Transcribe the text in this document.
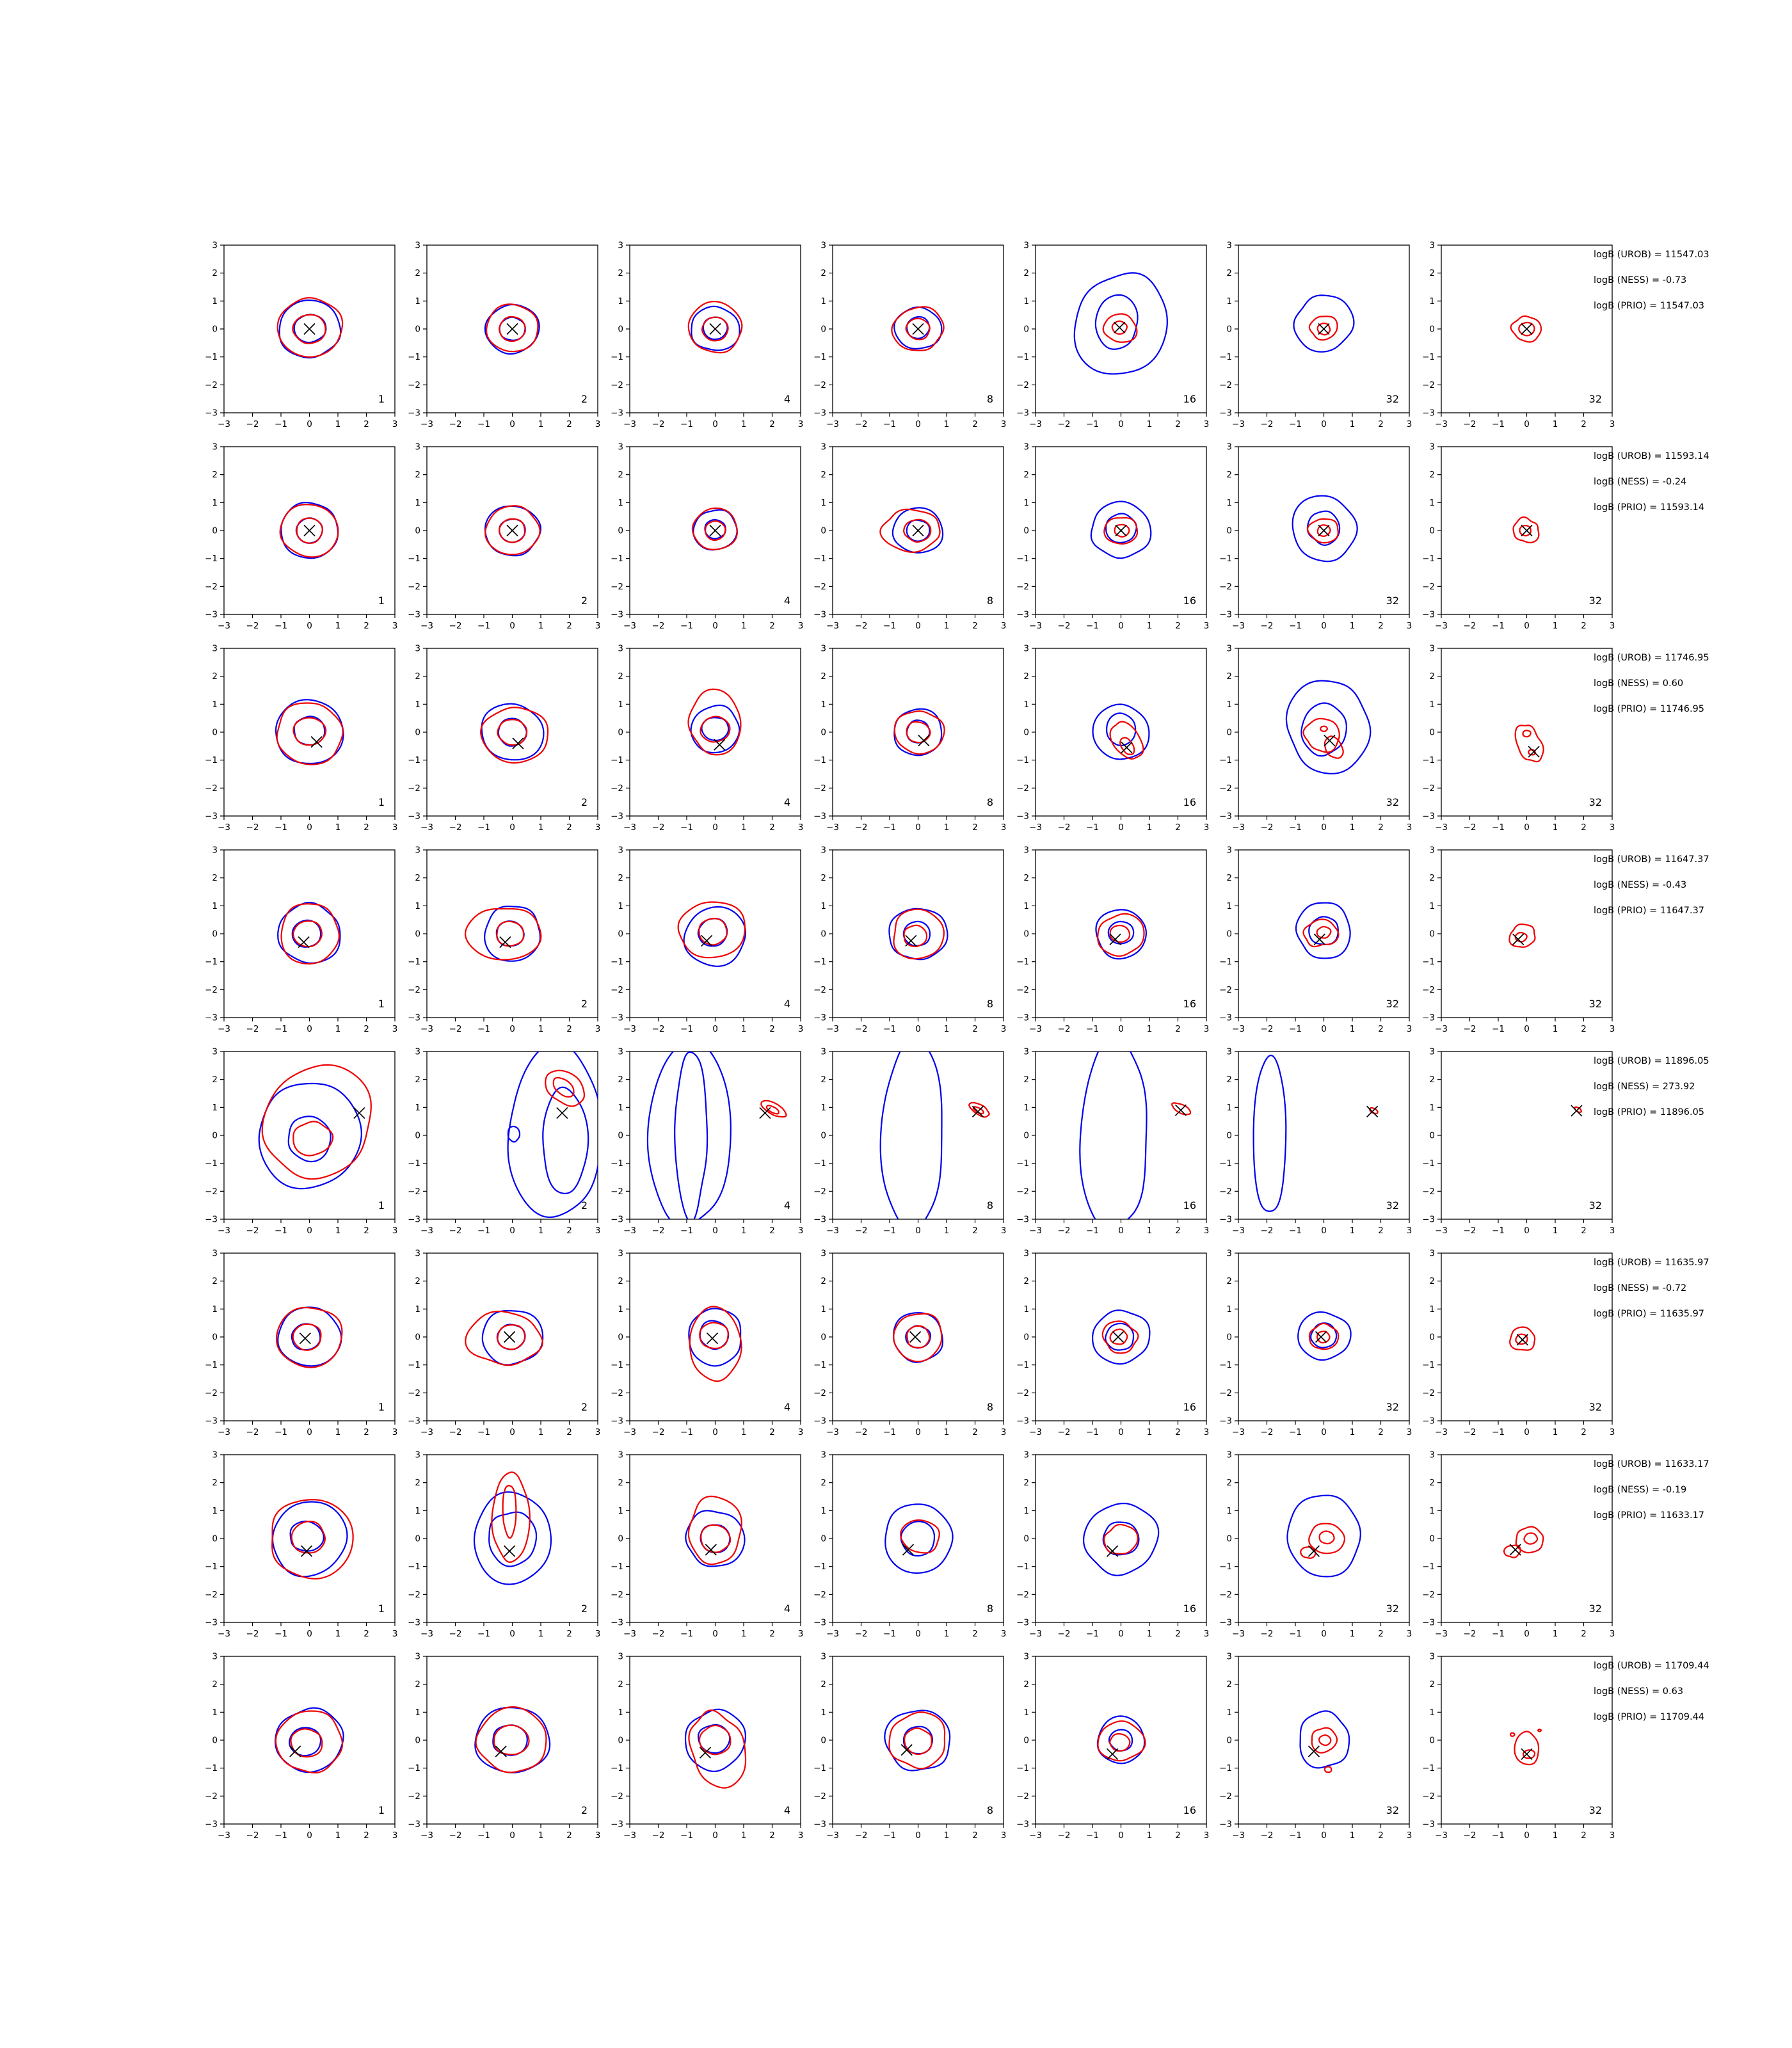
−3 −2 −1 0	1	2	3
−3
−2
−1
0
1
2
3
1
−3 −2 −1 0	1	2	3
−3
−2
−1
0
1
2
3
2
−3 −2 −1 0	1	2	3
−3
−2
−1
0
1
2
3
4
−3 −2 −1 0	1	2	3
−3
−2
−1
0
1
2
3
8
−3 −2 −1 0	1	2	3
−3
−2
−1
0
1
2
3
16
−3 −2 −1 0	1	2	3
−3
−2
−1
0
1
2
3
32
−3 −2 −1 0	1	2	3
−3
−2
−1
0
1
2
3
32
−3 −2 −1 0	1	2	3
−3
−2
−1
0
1
2
3
1
−3 −2 −1 0	1	2	3
−3
−2
−1
0
1
2
3
2
−3 −2 −1 0	1	2	3
−3
−2
−1
0
1
2
3
4
−3 −2 −1 0	1	2	3
−3
−2
−1
0
1
2
3
8
−3 −2 −1 0	1	2	3
−3
−2
−1
0
1
2
3
16
−3 −2 −1 0	1	2	3
−3
−2
−1
0
1
2
3
32
−3 −2 −1 0	1	2	3
−3
−2
−1
0
1
2
3
32
−3 −2 −1 0	1	2	3
−3
−2
−1
0
1
2
3
1
−3 −2 −1 0	1	2	3
−3
−2
−1
0
1
2
3
2
−3 −2 −1 0	1	2	3
−3
−2
−1
0
1
2
3
4
−3 −2 −1 0	1	2	3
−3
−2
−1
0
1
2
3
8
−3 −2 −1 0	1	2	3
−3
−2
−1
0
1
2
3
16
−3 −2 −1 0	1	2	3
−3
−2
−1
0
1
2
3
32
−3 −2 −1 0	1	2	3
−3
−2
−1
0
1
2
3
32
−3 −2 −1 0	1	2	3
−3
−2
−1
0
1
2
3
1
−3 −2 −1 0	1	2	3
−3
−2
−1
0
1
2
3
2
−3 −2 −1 0	1	2	3
−3
−2
−1
0
1
2
3
4
−3 −2 −1 0	1	2	3
−3
−2
−1
0
1
2
3
8
−3 −2 −1 0	1	2	3
−3
−2
−1
0
1
2
3
16
−3 −2 −1 0	1	2	3
−3
−2
−1
0
1
2
3
32
−3 −2 −1 0	1	2	3
−3
−2
−1
0
1
2
3
32
−3 −2 −1 0	1	2	3
−3
−2
−1
0
1
2
3
1
−3 −2 −1 0	1	2	3
−3
−2
−1
0
1
2
3
2
−3 −2 −1 0	1	2	3
−3
−2
−1
0
1
2
3
4
−3 −2 −1 0	1	2	3
−3
−2
−1
0
1
2
3
8
−3 −2 −1 0	1	2	3
−3
−2
−1
0
1
2
3
16
−3 −2 −1 0	1	2	3
−3
−2
−1
0
1
2
3
32
−3 −2 −1 0	1	2	3
−3
−2
−1
0
1
2
3
32
−3 −2 −1 0	1	2	3
−3
−2
−1
0
1
2
3
1
−3 −2 −1 0	1	2	3
−3
−2
−1
0
1
2
3
2
−3 −2 −1 0	1	2	3
−3
−2
−1
0
1
2
3
4
−3 −2 −1 0	1	2	3
−3
−2
−1
0
1
2
3
8
−3 −2 −1 0	1	2	3
−3
−2
−1
0
1
2
3
16
−3 −2 −1 0	1	2	3
−3
−2
−1
0
1
2
3
32
−3 −2 −1 0	1	2	3
−3
−2
−1
0
1
2
3
32
−3 −2 −1 0	1	2	3
−3
−2
−1
0
1
2
3
1
−3 −2 −1 0	1	2	3
−3
−2
−1
0
1
2
3
2
−3 −2 −1 0	1	2	3
−3
−2
−1
0
1
2
3
4
−3 −2 −1 0	1	2	3
−3
−2
−1
0
1
2
3
8
−3 −2 −1 0	1	2	3
−3
−2
−1
0
1
2
3
16
−3 −2 −1 0	1	2	3
−3
−2
−1
0
1
2
3
32
−3 −2 −1 0	1	2	3
−3
−2
−1
0
1
2
3
32
−3 −2 −1 0	1	2	3
−3
−2
−1
0
1
2
3
1
−3 −2 −1 0	1	2	3
−3
−2
−1
0
1
2
3
2
−3 −2 −1 0	1	2	3
−3
−2
−1
0
1
2
3
4
−3 −2 −1 0	1	2	3
−3
−2
−1
0
1
2
3
8
−3 −2 −1 0	1	2	3
−3
−2
−1
0
1
2
3
16
−3 −2 −1 0	1	2	3
−3
−2
−1
0
1
2
3
32
−3 −2 −1 0	1	2	3
−3
−2
−1
0
1
2
3
32
logB (UROB) = 11547.03
logB (NESS) = -0.73
logB (PRIO) = 11547.03
logB (UROB) = 11593.14
logB (NESS) = -0.24
logB (PRIO) = 11593.14
logB (UROB) = 11746.95
logB (NESS) = 0.60
logB (PRIO) = 11746.95
logB (UROB) = 11647.37
logB (NESS) = -0.43
logB (PRIO) = 11647.37
logB (UROB) = 11896.05
logB (NESS) = 273.92
logB (PRIO) = 11896.05
logB (UROB) = 11635.97
logB (NESS) = -0.72
logB (PRIO) = 11635.97
logB (UROB) = 11633.17
logB (NESS) = -0.19
logB (PRIO) = 11633.17
logB (UROB) = 11709.44
logB (NESS) = 0.63
logB (PRIO) = 11709.44
